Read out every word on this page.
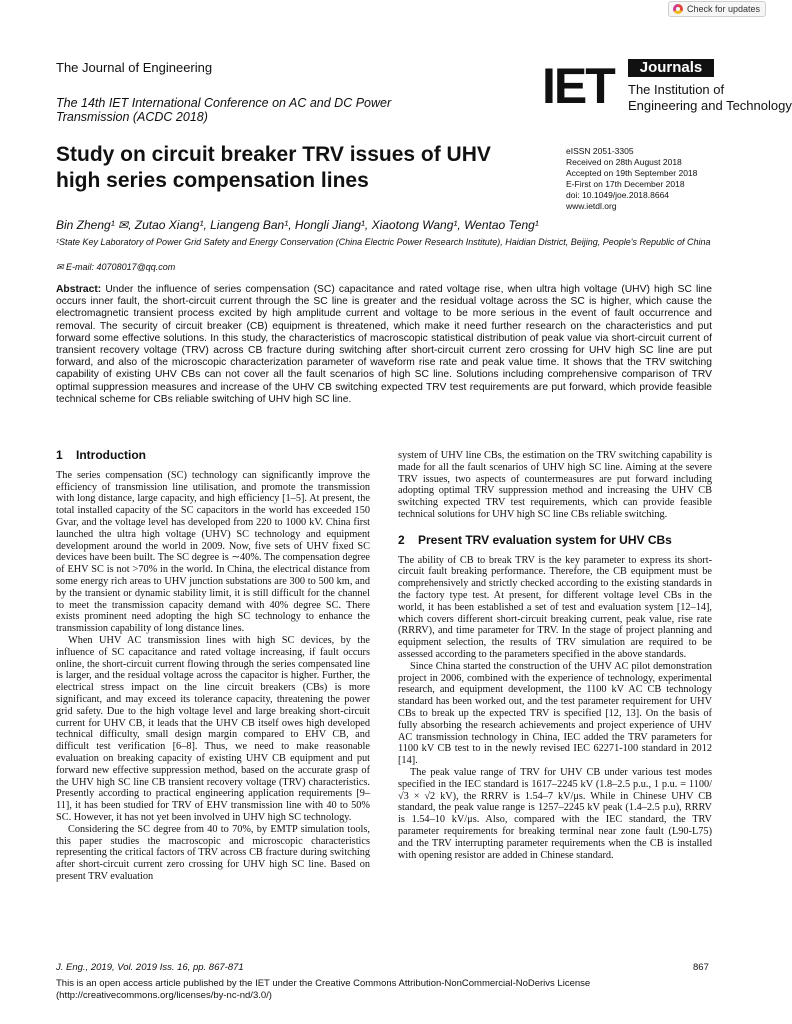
Check for updates
The Journal of Engineering
The 14th IET International Conference on AC and DC Power
Transmission (ACDC 2018)
IET	Journals
The Institution of
Engineering and Technology
Study on circuit breaker TRV issues of UHV
high series compensation lines
eISSN 2051-3305
Received on 28th August 2018
Accepted on 19th September 2018
E-First on 17th December 2018
doi: 10.1049/joe.2018.8664
www.ietdl.org
Bin Zheng¹ ✉, Zutao Xiang¹, Liangeng Ban¹, Hongli Jiang¹, Xiaotong Wang¹, Wentao Teng¹
¹State Key Laboratory of Power Grid Safety and Energy Conservation (China Electric Power Research Institute), Haidian District, Beijing, People's Republic of China
✉ E-mail: 40708017@qq.com
Abstract: Under the influence of series compensation (SC) capacitance and rated voltage rise, when ultra high voltage (UHV) high SC line occurs inner fault, the short-circuit current through the SC line is greater and the residual voltage across the SC is higher, which cause the electromagnetic transient process excited by high amplitude current and voltage to be more serious in the event of fault occurrence and removal. The security of circuit breaker (CB) equipment is threatened, which make it need further research on the characteristics and put forward some effective solutions. In this study, the characteristics of macroscopic statistical distribution of peak value via short-circuit current of transient recovery voltage (TRV) across CB fracture during switching after short-circuit current zero crossing for UHV high SC line are put forward, and also of the microscopic characterization parameter of waveform rise rate and peak value time. It shows that the TRV switching capability of existing UHV CBs can not cover all the fault scenarios of high SC line. Solutions including comprehensive comparison of TRV optimal suppression measures and increase of the UHV CB switching expected TRV test requirements are put forward, which provide feasible technical scheme for CBs reliable switching of UHV high SC line.
1 Introduction

The series compensation (SC) technology can significantly improve the efficiency of transmission line utilisation, and promote the transmission with long distance, large capacity, and high efficiency [1–5]. At present, the total installed capacity of the SC capacitors in the world has exceeded 150 Gvar, and the voltage level has developed from 220 to 1000 kV. China first launched the ultra high voltage (UHV) SC technology and equipment development around the world in 2009. Now, five sets of UHV fixed SC devices have been built. The SC degree is ∼40%. The compensation degree of EHV SC is not >70% in the world. In China, the electrical distance from some energy rich areas to UHV junction substations are 300 to 500 km, and by the transient or dynamic stability limit, it is still difficult for the channel to meet the transmission capacity demand with 40% degree SC. There exists prominent need adopting the high SC technology to enhance the transmission capability of long distance lines.

When UHV AC transmission lines with high SC devices, by the influence of SC capacitance and rated voltage increasing, if fault occurs online, the short-circuit current flowing through the series compensated line is larger, and the residual voltage across the capacitor is higher. Further, the electrical stress impact on the line circuit breakers (CBs) is more significant, and may exceed its tolerance capacity, threatening the power grid safety. Due to the high voltage level and large breaking short-circuit current for UHV CB, it leads that the UHV CB itself owes high developed technical difficulty, small design margin compared to EHV CB, and difficult test verification [6–8]. Thus, we need to make reasonable evaluation on breaking capacity of existing UHV CB equipment and put forward new effective suppression method, based on the accurate grasp of the UHV high SC line CB transient recovery voltage (TRV) characteristics. Presently according to practical engineering application requirements [9–11], it has been studied for TRV of EHV transmission line with 40 to 50% SC. However, it has not yet been involved in UHV high SC technology.

Considering the SC degree from 40 to 70%, by EMTP simulation tools, this paper studies the macroscopic and microscopic characteristics representing the critical factors of TRV across CB fracture during switching after short-circuit current zero crossing for UHV high SC line. Based on present TRV evaluation

system of UHV line CBs, the estimation on the TRV switching capability is made for all the fault scenarios of UHV high SC line. Aiming at the severe TRV issues, two aspects of countermeasures are put forward including adopting optimal TRV suppression method and increasing the UHV CB switching expected TRV test requirements, which can provide feasible technical solutions for UHV high SC line CBs reliable switching.

2 Present TRV evaluation system for UHV CBs

The ability of CB to break TRV is the key parameter to express its short-circuit fault breaking performance. Therefore, the CB equipment must be comprehensively and strictly checked according to the existing standards in the factory type test. At present, for different voltage level CBs in the world, it has been established a set of test and evaluation system [12–14], which covers different short-circuit breaking current, peak value, rise rate (RRRV), and time parameter for TRV. In the stage of project planning and equipment selection, the results of TRV simulation are required to be assessed according to the parameters specified in the above standards.

Since China started the construction of the UHV AC pilot demonstration project in 2006, combined with the experience of technology, experimental research, and equipment development, the 1100 kV AC CB technology standard has been worked out, and the test parameter requirement for UHV CBs to break up the expected TRV is specified [12, 13]. On the basis of fully absorbing the research achievements and project experience of UHV AC transmission technology in China, IEC added the TRV parameters for 1100 kV CB test to in the newly revised IEC 62271-100 standard in 2012 [14].

The peak value range of TRV for UHV CB under various test modes specified in the IEC standard is 1617–2245 kV (1.8–2.5 p.u., 1 p.u. = 1100/√3 × √2 kV), the RRRV is 1.54–7 kV/μs. While in Chinese UHV CB standard, the peak value range is 1257–2245 kV peak (1.4–2.5 p.u), RRRV is 1.54–10 kV/μs. Also, compared with the IEC standard, the TRV parameter requirements for breaking terminal near zone fault (L90-L75) and the TRV interrupting parameter requirements when the CB is installed with opening resistor are added in Chinese standard.

J. Eng., 2019, Vol. 2019 Iss. 16, pp. 867-871	867
This is an open access article published by the IET under the Creative Commons Attribution-NonCommercial-NoDerivs License
(http://creativecommons.org/licenses/by-nc-nd/3.0/)
